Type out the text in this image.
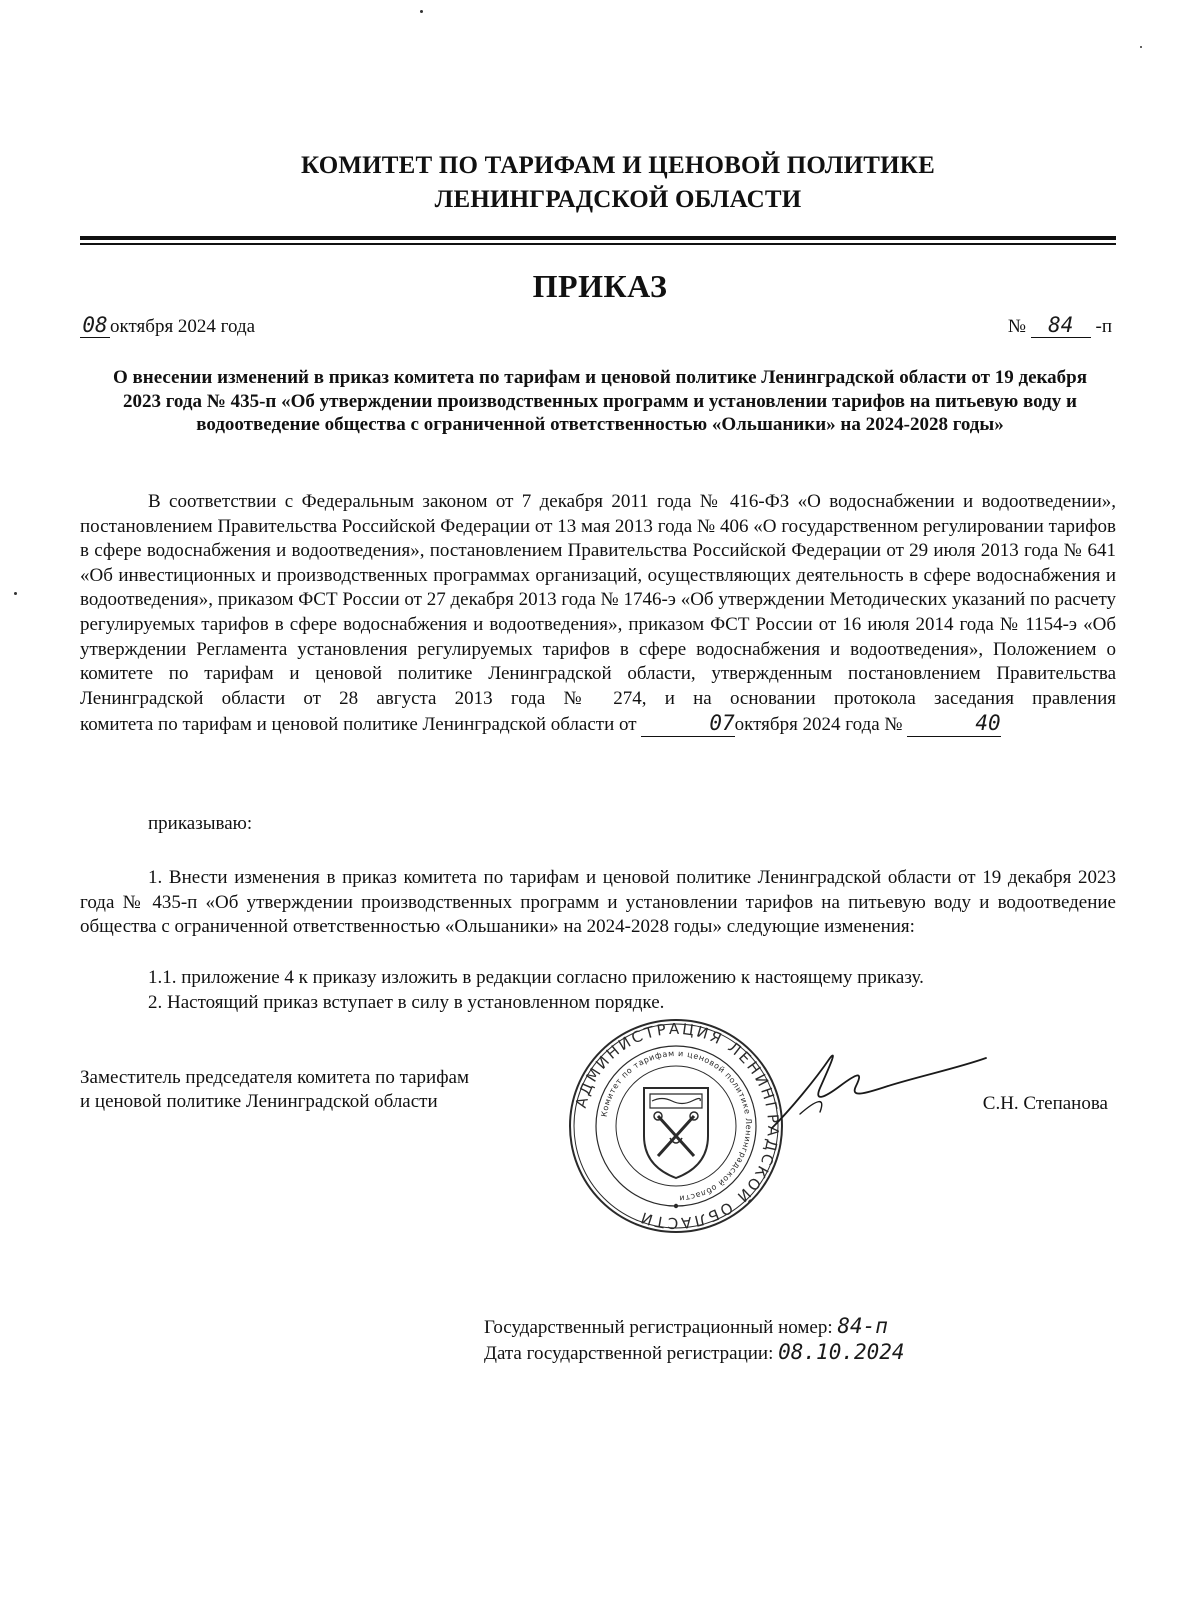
КОМИТЕТ ПО ТАРИФАМ И ЦЕНОВОЙ ПОЛИТИКЕ
ЛЕНИНГРАДСКОЙ ОБЛАСТИ
ПРИКАЗ
08 октября 2024 года	№ 84 -п
О внесении изменений в приказ комитета по тарифам и ценовой политике Ленинградской области от 19 декабря 2023 года № 435-п «Об утверждении производственных программ и установлении тарифов на питьевую воду и водоотведение общества с ограниченной ответственностью «Ольшаники» на 2024-2028 годы»
В соответствии с Федеральным законом от 7 декабря 2011 года № 416-ФЗ «О водоснабжении и водоотведении», постановлением Правительства Российской Федерации от 13 мая 2013 года № 406 «О государственном регулировании тарифов в сфере водоснабжения и водоотведения», постановлением Правительства Российской Федерации от 29 июля 2013 года № 641 «Об инвестиционных и производственных программах организаций, осуществляющих деятельность в сфере водоснабжения и водоотведения», приказом ФСТ России от 27 декабря 2013 года № 1746-э «Об утверждении Методических указаний по расчету регулируемых тарифов в сфере водоснабжения и водоотведения», приказом ФСТ России от 16 июля 2014 года № 1154-э «Об утверждении Регламента установления регулируемых тарифов в сфере водоснабжения и водоотведения», Положением о комитете по тарифам и ценовой политике Ленинградской области, утвержденным постановлением Правительства Ленинградской области от 28 августа 2013 года № 274, и на основании протокола заседания правления комитета по тарифам и ценовой политике Ленинградской области от	07октября 2024 года №	40
приказываю:
1. Внести изменения в приказ комитета по тарифам и ценовой политике Ленинградской области от 19 декабря 2023 года № 435-п «Об утверждении производственных программ и установлении тарифов на питьевую воду и водоотведение общества с ограниченной ответственностью «Ольшаники» на 2024-2028 годы» следующие изменения:
1.1. приложение 4 к приказу изложить в редакции согласно приложению к настоящему приказу.
2. Настоящий приказ вступает в силу в установленном порядке.
Заместитель председателя комитета по тарифам
и ценовой политике Ленинградской области	АДМИНИСТРАЦИЯ ЛЕНИНГРАДСКОЙ ОБЛАСТИ
Комитет по тарифам и ценовой политике Ленинградской области
С.Н. Степанова
Государственный регистрационный номер: 84-п
Дата государственной регистрации: 08.10.2024
